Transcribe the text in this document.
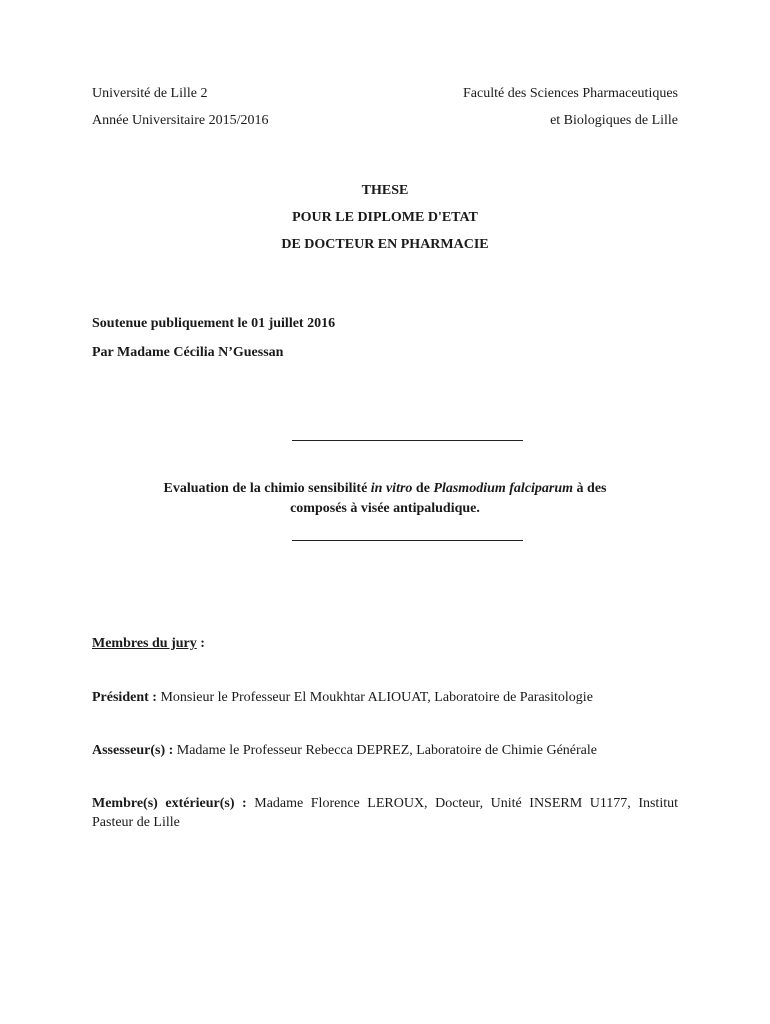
Université de Lille 2
Année Universitaire 2015/2016
Faculté des Sciences Pharmaceutiques
et Biologiques de Lille
THESE
POUR LE DIPLOME D'ETAT
DE DOCTEUR EN PHARMACIE
Soutenue publiquement le 01 juillet 2016
Par Madame Cécilia N’Guessan
Evaluation de la chimio sensibilité in vitro de Plasmodium falciparum à des composés à visée antipaludique.
Membres du jury :
Président : Monsieur le Professeur El Moukhtar ALIOUAT, Laboratoire de Parasitologie
Assesseur(s) : Madame le Professeur Rebecca DEPREZ, Laboratoire de Chimie Générale
Membre(s) extérieur(s) : Madame Florence LEROUX, Docteur, Unité INSERM U1177, Institut Pasteur de Lille
